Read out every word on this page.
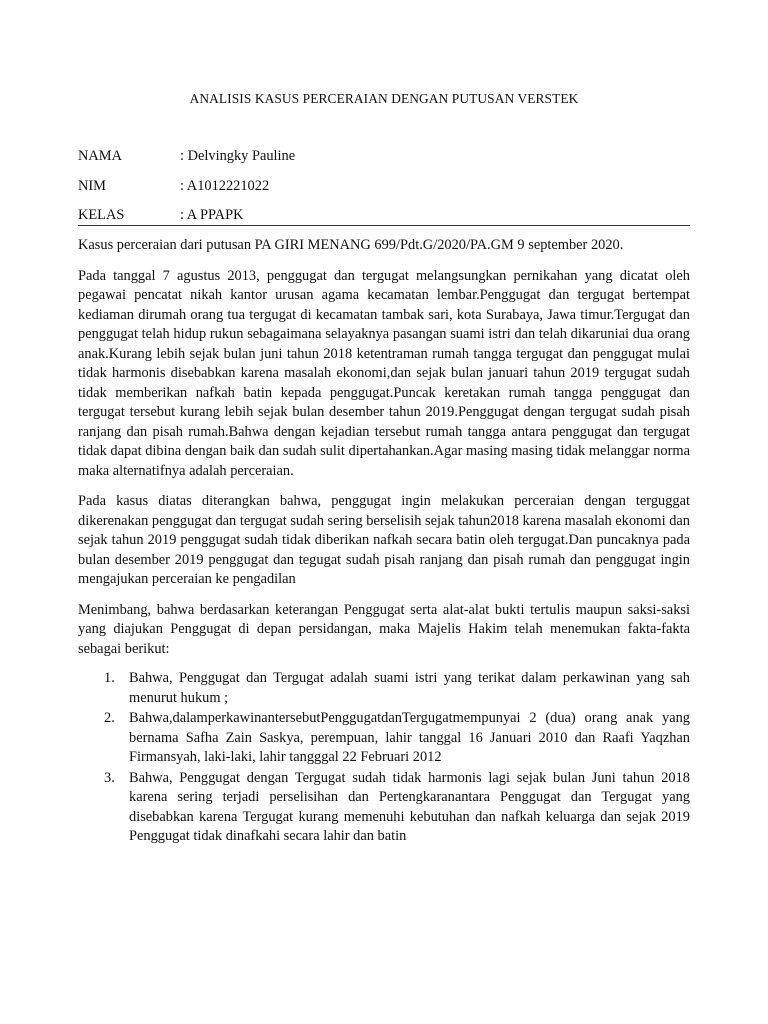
ANALISIS KASUS PERCERAIAN DENGAN PUTUSAN VERSTEK
NAMA	: Delvingky Pauline
NIM	: A1012221022
KELAS	: A PPAPK

Kasus perceraian dari putusan PA GIRI MENANG 699/Pdt.G/2020/PA.GM 9 september 2020.

Pada tanggal 7 agustus 2013, penggugat dan tergugat melangsungkan pernikahan yang dicatat oleh pegawai pencatat nikah kantor urusan agama kecamatan lembar.Penggugat dan tergugat bertempat kediaman dirumah orang tua tergugat di kecamatan tambak sari, kota Surabaya, Jawa timur.Tergugat dan penggugat telah hidup rukun sebagaimana selayaknya pasangan suami istri dan telah dikaruniai dua orang anak.Kurang lebih sejak bulan juni tahun 2018 ketentraman rumah tangga tergugat dan penggugat mulai tidak harmonis disebabkan karena masalah ekonomi,dan sejak bulan januari tahun 2019 tergugat sudah tidak memberikan nafkah batin kepada penggugat.Puncak keretakan rumah tangga penggugat dan tergugat tersebut kurang lebih sejak bulan desember tahun 2019.Penggugat dengan tergugat sudah pisah ranjang dan pisah rumah.Bahwa dengan kejadian tersebut rumah tangga antara penggugat dan tergugat tidak dapat dibina dengan baik dan sudah sulit dipertahankan.Agar masing masing tidak melanggar norma maka alternatifnya adalah perceraian.

Pada kasus diatas diterangkan bahwa, penggugat ingin melakukan perceraian dengan terguggat dikerenakan penggugat dan tergugat sudah sering berselisih sejak tahun2018 karena masalah ekonomi dan sejak tahun 2019 penggugat sudah tidak diberikan nafkah secara batin oleh tergugat.Dan puncaknya pada bulan desember 2019 penggugat dan tegugat sudah pisah ranjang dan pisah rumah dan penggugat ingin mengajukan perceraian ke pengadilan

Menimbang, bahwa berdasarkan keterangan Penggugat serta alat-alat bukti tertulis maupun saksi-saksi yang diajukan Penggugat di depan persidangan, maka Majelis Hakim telah menemukan fakta-fakta sebagai berikut:

1. Bahwa, Penggugat dan Tergugat adalah suami istri yang terikat dalam perkawinan yang sah menurut hukum ;
2. Bahwa,dalamperkawinantersebutPenggugatdanTergugatmempunyai 2 (dua) orang anak yang bernama Safha Zain Saskya, perempuan, lahir tanggal 16 Januari 2010 dan Raafi Yaqzhan Firmansyah, laki-laki, lahir tangggal 22 Februari 2012
3. Bahwa, Penggugat dengan Tergugat sudah tidak harmonis lagi sejak bulan Juni tahun 2018 karena sering terjadi perselisihan dan Pertengkaranantara Penggugat dan Tergugat yang disebabkan karena Tergugat kurang memenuhi kebutuhan dan nafkah keluarga dan sejak 2019 Penggugat tidak dinafkahi secara lahir dan batin
